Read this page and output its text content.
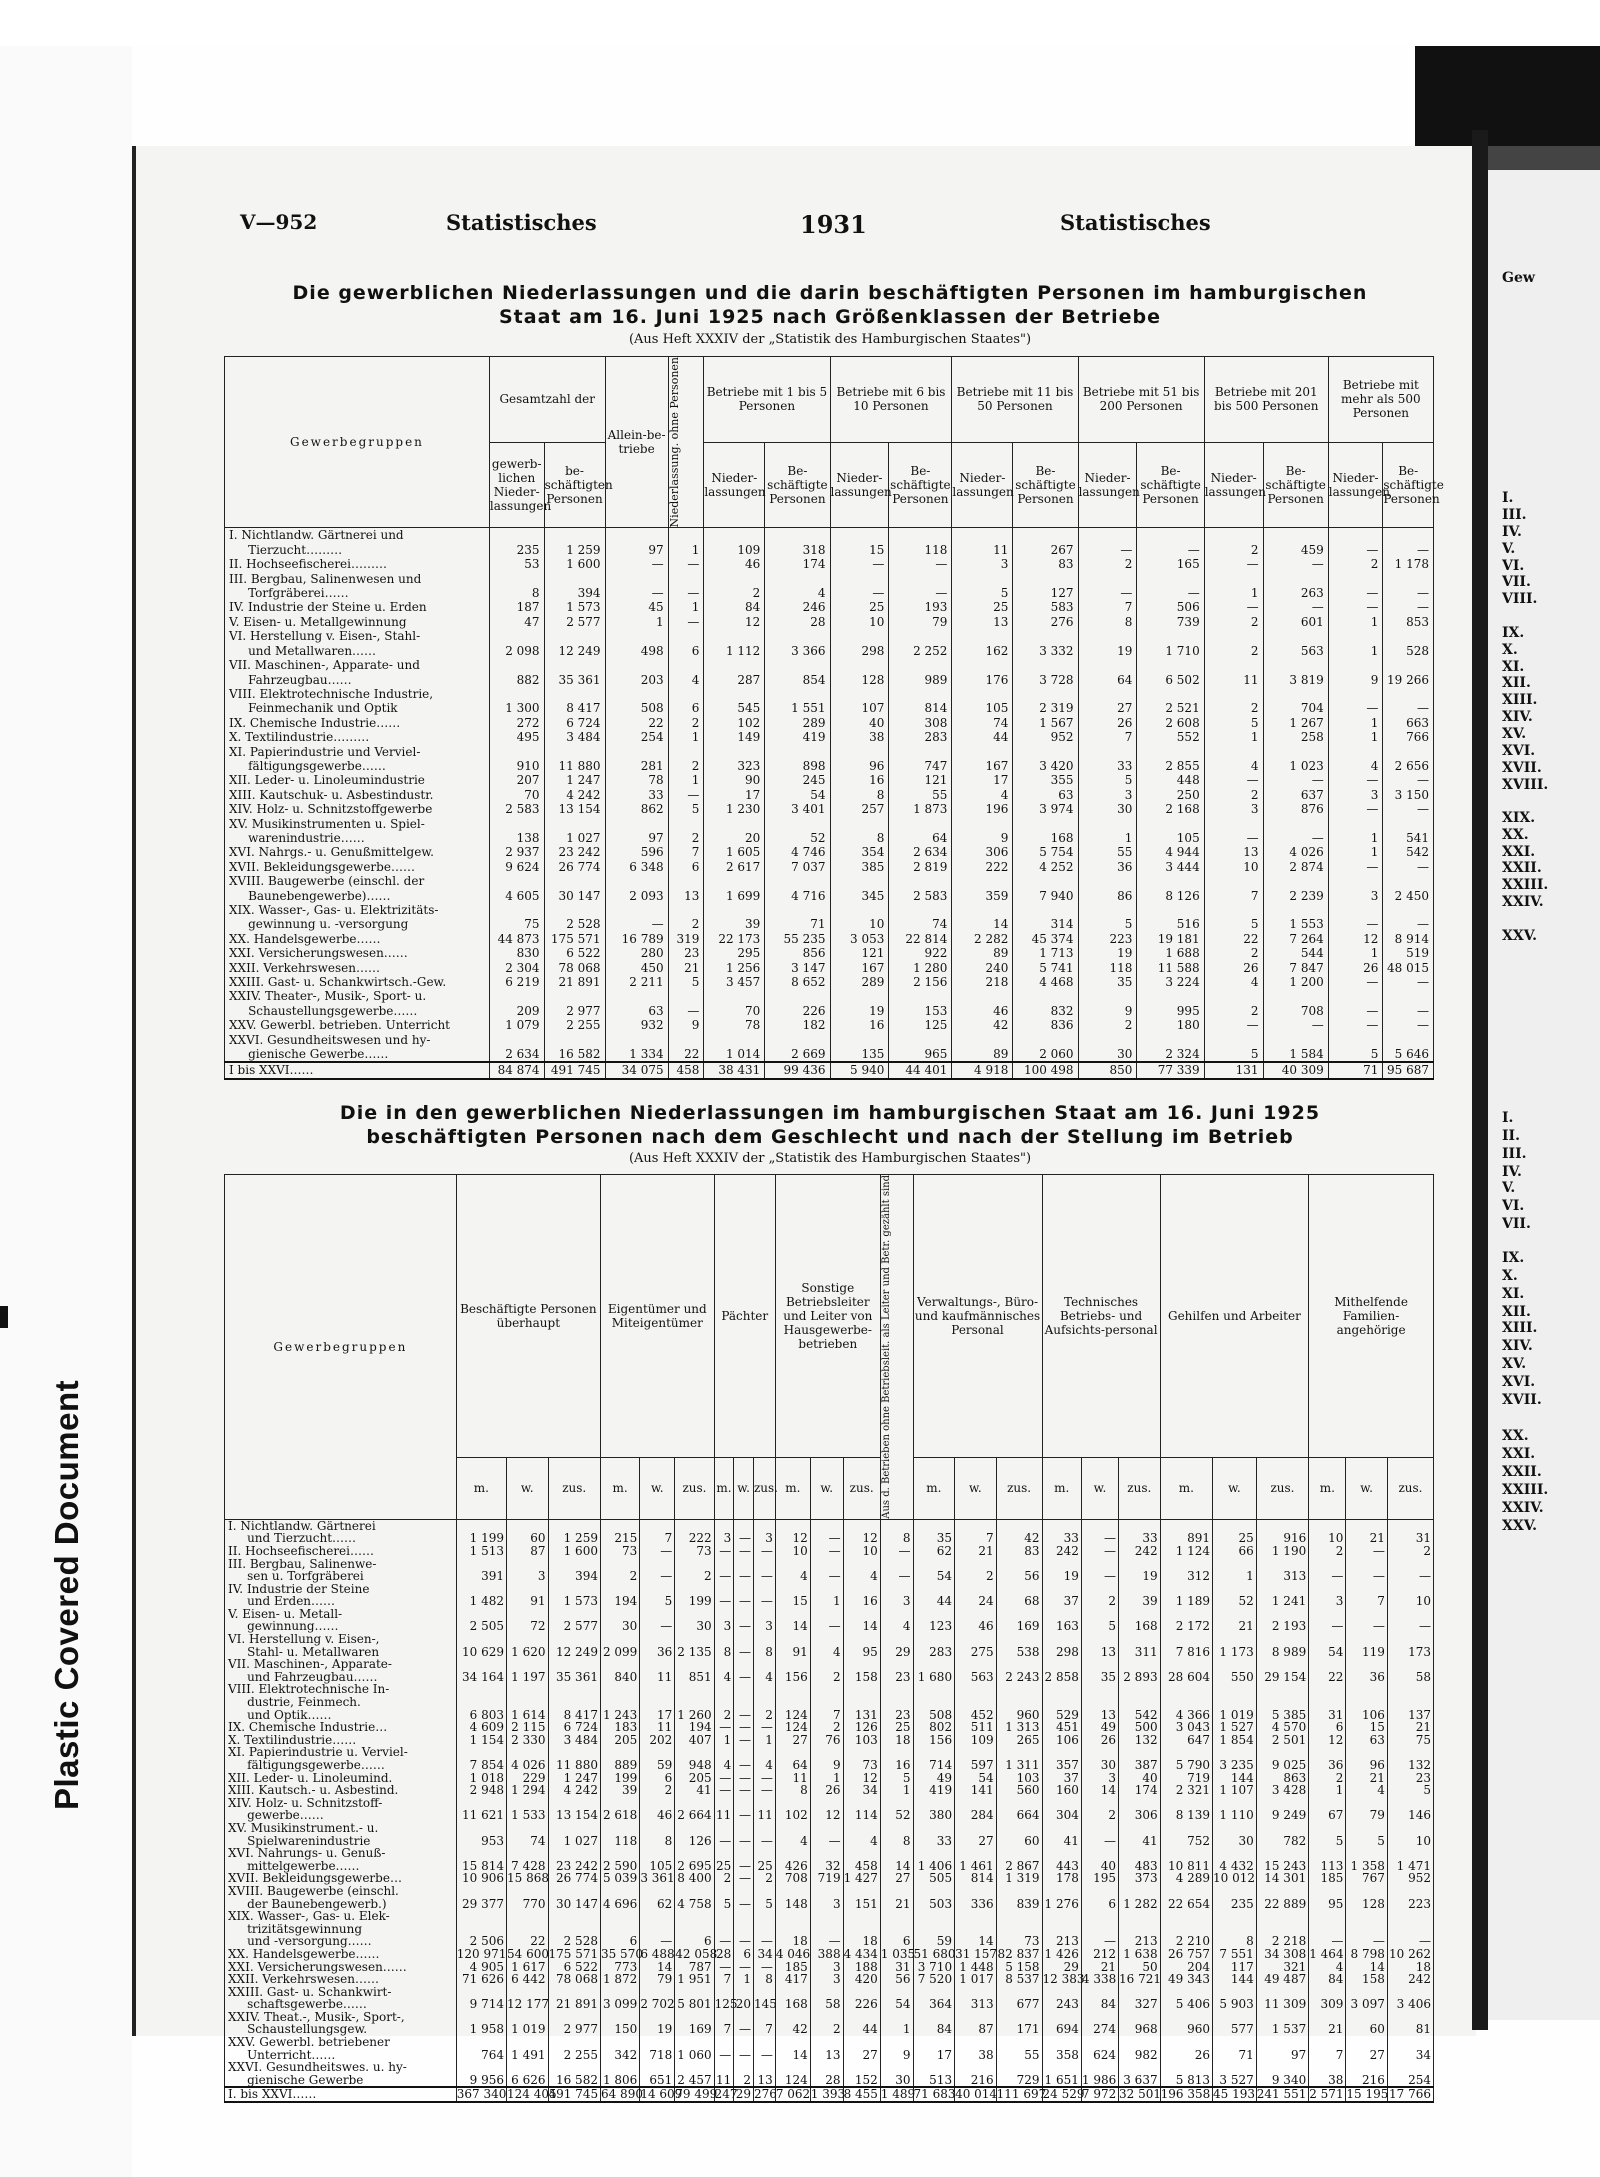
Gew
I.
III.
IV.
V.
VI.
VII.
VIII.
IX.
X.
XI.
XII.
XIII.
XIV.
XV.
XVI.
XVII.
XVIII.
XIX.
XX.
XXI.
XXII.
XXIII.
XXIV.
XXV.
I.
II.
III.
IV.
V.
VI.
VII.
IX.
X.
XI.
XII.
XIII.
XIV.
XV.
XVI.
XVII.
XX.
XXI.
XXII.
XXIII.
XXIV.
XXV.
V—952	Statistisches	1931	Statistisches
Die gewerblichen Niederlassungen und die darin beschäftigten Personen im hamburgischen
Staat am 16. Juni 1925 nach Größenklassen der Betriebe
(Aus Heft XXXIV der „Statistik des Hamburgischen Staates")
Gewerbegruppen	Gesamtzahl der		Allein-be-triebe	Niederlassung. ohne Personen	Betriebe mit 1 bis 5 Personen		Betriebe mit 6 bis 10 Personen		Betriebe mit 11 bis 50 Personen		Betriebe mit 51 bis 200 Personen		Betriebe mit 201 bis 500 Personen		Betriebe mit mehr als 500 Personen	
	gewerb-lichen Nieder-lassungen	be-schäftigten Personen			Nieder-lassungen	Be-schäftigte Personen	Nieder-lassungen	Be-schäftigte Personen	Nieder-lassungen	Be-schäftigte Personen	Nieder-lassungen	Be-schäftigte Personen	Nieder-lassungen	Be-schäftigte Personen	Nieder-lassungen	Be-schäftigte Personen
I. Nichtlandw. Gärtnerei und
Tierzucht………	235	1 259	97	1	109	318	15	118	11	267	—	—	2	459	—	—
II. Hochseefischerei………	53	1 600	—	—	46	174	—	—	3	83	2	165	—	—	2	1 178
III. Bergbau, Salinenwesen und
Torfgräberei……	8	394	—	—	2	4	—	—	5	127	—	—	1	263	—	—
IV. Industrie der Steine u. Erden	187	1 573	45	1	84	246	25	193	25	583	7	506	—	—	—	—
V. Eisen- u. Metallgewinnung	47	2 577	1	—	12	28	10	79	13	276	8	739	2	601	1	853
VI. Herstellung v. Eisen-, Stahl-
und Metallwaren……	2 098	12 249	498	6	1 112	3 366	298	2 252	162	3 332	19	1 710	2	563	1	528
VII. Maschinen-, Apparate- und
Fahrzeugbau……	882	35 361	203	4	287	854	128	989	176	3 728	64	6 502	11	3 819	9	19 266
VIII. Elektrotechnische Industrie,
Feinmechanik und Optik	1 300	8 417	508	6	545	1 551	107	814	105	2 319	27	2 521	2	704	—	—
IX. Chemische Industrie……	272	6 724	22	2	102	289	40	308	74	1 567	26	2 608	5	1 267	1	663
X. Textilindustrie………	495	3 484	254	1	149	419	38	283	44	952	7	552	1	258	1	766
XI. Papierindustrie und Verviel-
fältigungsgewerbe……	910	11 880	281	2	323	898	96	747	167	3 420	33	2 855	4	1 023	4	2 656
XII. Leder- u. Linoleumindustrie	207	1 247	78	1	90	245	16	121	17	355	5	448	—	—	—	—
XIII. Kautschuk- u. Asbestindustr.	70	4 242	33	—	17	54	8	55	4	63	3	250	2	637	3	3 150
XIV. Holz- u. Schnitzstoffgewerbe	2 583	13 154	862	5	1 230	3 401	257	1 873	196	3 974	30	2 168	3	876	—	—
XV. Musikinstrumenten u. Spiel-
warenindustrie……	138	1 027	97	2	20	52	8	64	9	168	1	105	—	—	1	541
XVI. Nahrgs.- u. Genußmittelgew.	2 937	23 242	596	7	1 605	4 746	354	2 634	306	5 754	55	4 944	13	4 026	1	542
XVII. Bekleidungsgewerbe……	9 624	26 774	6 348	6	2 617	7 037	385	2 819	222	4 252	36	3 444	10	2 874	—	—
XVIII. Baugewerbe (einschl. der
Baunebengewerbe)……	4 605	30 147	2 093	13	1 699	4 716	345	2 583	359	7 940	86	8 126	7	2 239	3	2 450
XIX. Wasser-, Gas- u. Elektrizitäts-
gewinnung u. -versorgung	75	2 528	—	2	39	71	10	74	14	314	5	516	5	1 553	—	—
XX. Handelsgewerbe……	44 873	175 571	16 789	319	22 173	55 235	3 053	22 814	2 282	45 374	223	19 181	22	7 264	12	8 914
XXI. Versicherungswesen……	830	6 522	280	23	295	856	121	922	89	1 713	19	1 688	2	544	1	519
XXII. Verkehrswesen……	2 304	78 068	450	21	1 256	3 147	167	1 280	240	5 741	118	11 588	26	7 847	26	48 015
XXIII. Gast- u. Schankwirtsch.-Gew.	6 219	21 891	2 211	5	3 457	8 652	289	2 156	218	4 468	35	3 224	4	1 200	—	—
XXIV. Theater-, Musik-, Sport- u.
Schaustellungsgewerbe……	209	2 977	63	—	70	226	19	153	46	832	9	995	2	708	—	—
XXV. Gewerbl. betrieben. Unterricht	1 079	2 255	932	9	78	182	16	125	42	836	2	180	—	—	—	—
XXVI. Gesundheitswesen und hy-
gienische Gewerbe……	2 634	16 582	1 334	22	1 014	2 669	135	965	89	2 060	30	2 324	5	1 584	5	5 646
I bis XXVI……	84 874	491 745	34 075	458	38 431	99 436	5 940	44 401	4 918	100 498	850	77 339	131	40 309	71	95 687
Die in den gewerblichen Niederlassungen im hamburgischen Staat am 16. Juni 1925
beschäftigten Personen nach dem Geschlecht und nach der Stellung im Betrieb
(Aus Heft XXXIV der „Statistik des Hamburgischen Staates")
Gewerbegruppen	Beschäftigte Personen überhaupt			Eigentümer und Miteigentümer			Pächter			Sonstige Betriebsleiter und Leiter von Hausgewerbe-betrieben			Aus d. Betrieben ohne Betriebsleit. als Leiter und Betr. gezählt sind	Verwaltungs-, Büro- und kaufmännisches Personal			Technisches Betriebs- und Aufsichts-personal			Gehilfen und Arbeiter			Mithelfende Familien-angehörige		
	m.	w.	zus.	m.	w.	zus.	m.	w.	zus.	m.	w.	zus.		m.	w.	zus.	m.	w.	zus.	m.	w.	zus.	m.	w.	zus.
I. Nichtlandw. Gärtnerei
und Tierzucht……	1 199	60	1 259	215	7	222	3	—	3	12	—	12	8	35	7	42	33	—	33	891	25	916	10	21	31
II. Hochseefischerei……	1 513	87	1 600	73	—	73	—	—	—	10	—	10	—	62	21	83	242	—	242	1 124	66	1 190	2	—	2
III. Bergbau, Salinenwe-
sen u. Torfgräberei	391	3	394	2	—	2	—	—	—	4	—	4	—	54	2	56	19	—	19	312	1	313	—	—	—
IV. Industrie der Steine
und Erden……	1 482	91	1 573	194	5	199	—	—	—	15	1	16	3	44	24	68	37	2	39	1 189	52	1 241	3	7	10
V. Eisen- u. Metall-
gewinnung……	2 505	72	2 577	30	—	30	3	—	3	14	—	14	4	123	46	169	163	5	168	2 172	21	2 193	—	—	—
VI. Herstellung v. Eisen-,
Stahl- u. Metallwaren	10 629	1 620	12 249	2 099	36	2 135	8	—	8	91	4	95	29	283	275	538	298	13	311	7 816	1 173	8 989	54	119	173
VII. Maschinen-, Apparate-
und Fahrzeugbau……	34 164	1 197	35 361	840	11	851	4	—	4	156	2	158	23	1 680	563	2 243	2 858	35	2 893	28 604	550	29 154	22	36	58
VIII. Elektrotechnische In-
dustrie, Feinmech.
und Optik……	6 803	1 614	8 417	1 243	17	1 260	2	—	2	124	7	131	23	508	452	960	529	13	542	4 366	1 019	5 385	31	106	137
IX. Chemische Industrie…	4 609	2 115	6 724	183	11	194	—	—	—	124	2	126	25	802	511	1 313	451	49	500	3 043	1 527	4 570	6	15	21
X. Textilindustrie……	1 154	2 330	3 484	205	202	407	1	—	1	27	76	103	18	156	109	265	106	26	132	647	1 854	2 501	12	63	75
XI. Papierindustrie u. Verviel-
fältigungsgewerbe……	7 854	4 026	11 880	889	59	948	4	—	4	64	9	73	16	714	597	1 311	357	30	387	5 790	3 235	9 025	36	96	132
XII. Leder- u. Linoleumind.	1 018	229	1 247	199	6	205	—	—	—	11	1	12	5	49	54	103	37	3	40	719	144	863	2	21	23
XIII. Kautsch.- u. Asbestind.	2 948	1 294	4 242	39	2	41	—	—	—	8	26	34	1	419	141	560	160	14	174	2 321	1 107	3 428	1	4	5
XIV. Holz- u. Schnitzstoff-
gewerbe……	11 621	1 533	13 154	2 618	46	2 664	11	—	11	102	12	114	52	380	284	664	304	2	306	8 139	1 110	9 249	67	79	146
XV. Musikinstrument.- u.
Spielwarenindustrie	953	74	1 027	118	8	126	—	—	—	4	—	4	8	33	27	60	41	—	41	752	30	782	5	5	10
XVI. Nahrungs- u. Genuß-
mittelgewerbe……	15 814	7 428	23 242	2 590	105	2 695	25	—	25	426	32	458	14	1 406	1 461	2 867	443	40	483	10 811	4 432	15 243	113	1 358	1 471
XVII. Bekleidungsgewerbe…	10 906	15 868	26 774	5 039	3 361	8 400	2	—	2	708	719	1 427	27	505	814	1 319	178	195	373	4 289	10 012	14 301	185	767	952
XVIII. Baugewerbe (einschl.
der Baunebengewerb.)	29 377	770	30 147	4 696	62	4 758	5	—	5	148	3	151	21	503	336	839	1 276	6	1 282	22 654	235	22 889	95	128	223
XIX. Wasser-, Gas- u. Elek-
trizitätsgewinnung
und -versorgung……	2 506	22	2 528	6	—	6	—	—	—	18	—	18	6	59	14	73	213	—	213	2 210	8	2 218	—	—	—
XX. Handelsgewerbe……	120 971	54 600	175 571	35 570	6 488	42 058	28	6	34	4 046	388	4 434	1 035	51 680	31 157	82 837	1 426	212	1 638	26 757	7 551	34 308	1 464	8 798	10 262
XXI. Versicherungswesen……	4 905	1 617	6 522	773	14	787	—	—	—	185	3	188	31	3 710	1 448	5 158	29	21	50	204	117	321	4	14	18
XXII. Verkehrswesen……	71 626	6 442	78 068	1 872	79	1 951	7	1	8	417	3	420	56	7 520	1 017	8 537	12 383	4 338	16 721	49 343	144	49 487	84	158	242
XXIII. Gast- u. Schankwirt-
schaftsgewerbe……	9 714	12 177	21 891	3 099	2 702	5 801	125	20	145	168	58	226	54	364	313	677	243	84	327	5 406	5 903	11 309	309	3 097	3 406
XXIV. Theat.-, Musik-, Sport-,
Schaustellungsgew.	1 958	1 019	2 977	150	19	169	7	—	7	42	2	44	1	84	87	171	694	274	968	960	577	1 537	21	60	81
XXV. Gewerbl. betriebener
Unterricht……	764	1 491	2 255	342	718	1 060	—	—	—	14	13	27	9	17	38	55	358	624	982	26	71	97	7	27	34
XXVI. Gesundheitswes. u. hy-
gienische Gewerbe	9 956	6 626	16 582	1 806	651	2 457	11	2	13	124	28	152	30	513	216	729	1 651	1 986	3 637	5 813	3 527	9 340	38	216	254
I. bis XXVI……	367 340	124 405	491 745	64 890	14 609	79 499	247	29	276	7 062	1 393	8 455	1 489	71 683	40 014	111 697	24 529	7 972	32 501	196 358	45 193	241 551	2 571	15 195	17 766
